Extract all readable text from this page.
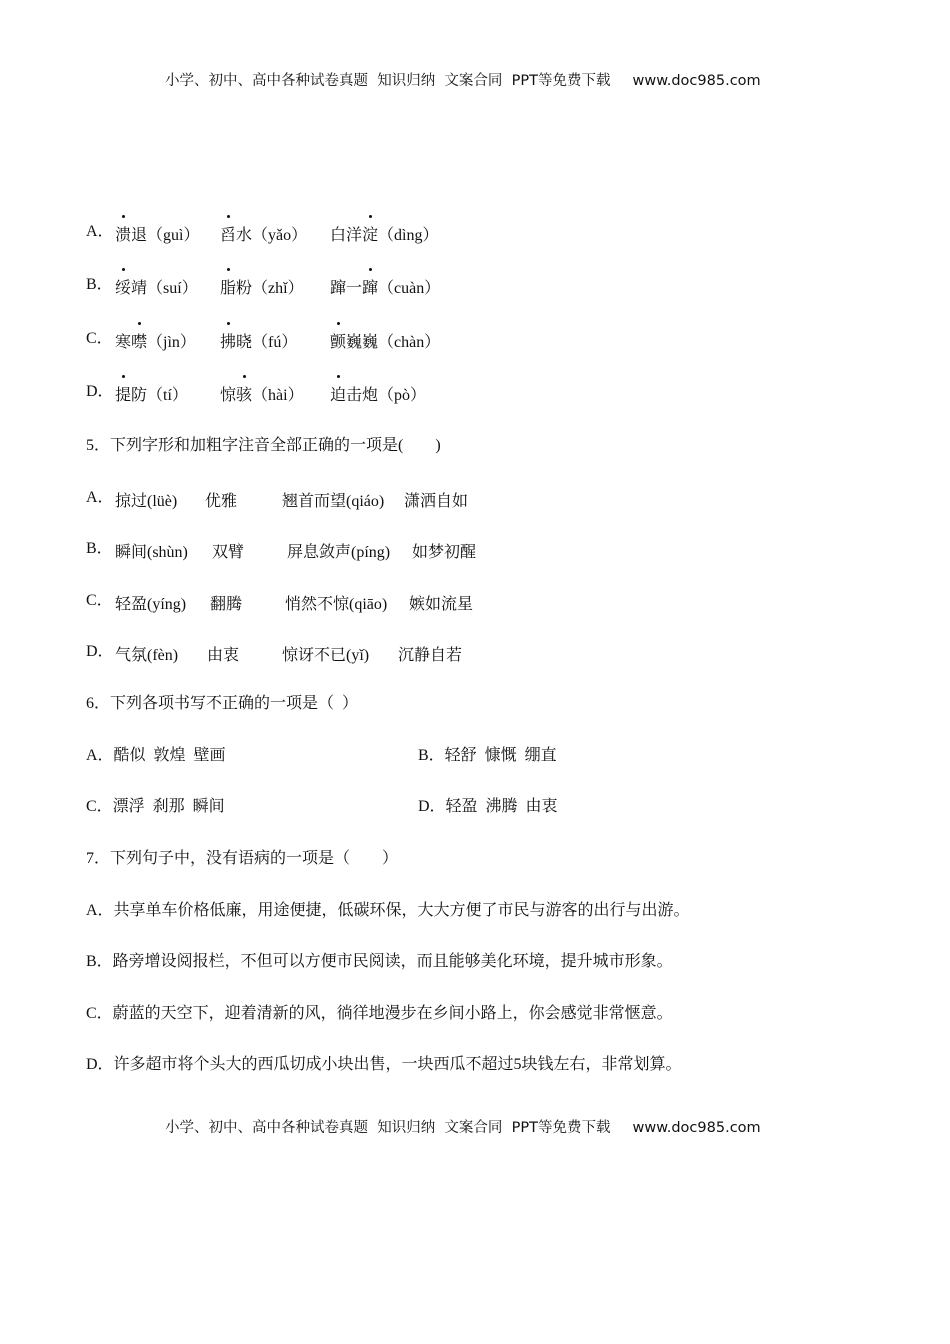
小学、初中、高中各种试卷真题  知识归纳  文案合同  PPT等免费下载 www.doc985.com
A． 溃退（guì） 舀水（yǎo） 白洋淀（dìng）
B． 绥靖（suí） 脂粉（zhǐ） 蹿一蹿（cuàn）
C． 寒噤（jìn） 拂晓（fú） 颤巍巍（chàn）
D． 提防（tí） 惊骇（hài） 迫击炮（pò）
5．下列字形和加粗字注音全部正确的一项是(　　)
A． 掠过(lüè) 优雅	翘首而望(qiáo) 潇洒自如
B． 瞬间(shùn) 双臂	屏息敛声(píng) 如梦初醒
C． 轻盈(yíng) 翻腾	悄然不惊(qiāo) 嫉如流星
D． 气氛(fèn) 由衷	惊讶不已(yǐ) 沉静自若
6．下列各项书写不正确的一项是（  ）
A．酷似  敦煌  壁画	B．轻舒  慷慨  绷直
C．漂浮  刹那  瞬间	D．轻盈  沸腾  由衷
7．下列句子中，没有语病的一项是（　　）
A．共享单车价格低廉，用途便捷，低碳环保，大大方便了市民与游客的出行与出游。
B．路旁增设阅报栏，不但可以方便市民阅读，而且能够美化环境，提升城市形象。
C．蔚蓝的天空下，迎着清新的风，徜徉地漫步在乡间小路上，你会感觉非常惬意。
D．许多超市将个头大的西瓜切成小块出售，一块西瓜不超过5块钱左右，非常划算。
小学、初中、高中各种试卷真题  知识归纳  文案合同  PPT等免费下载 www.doc985.com
